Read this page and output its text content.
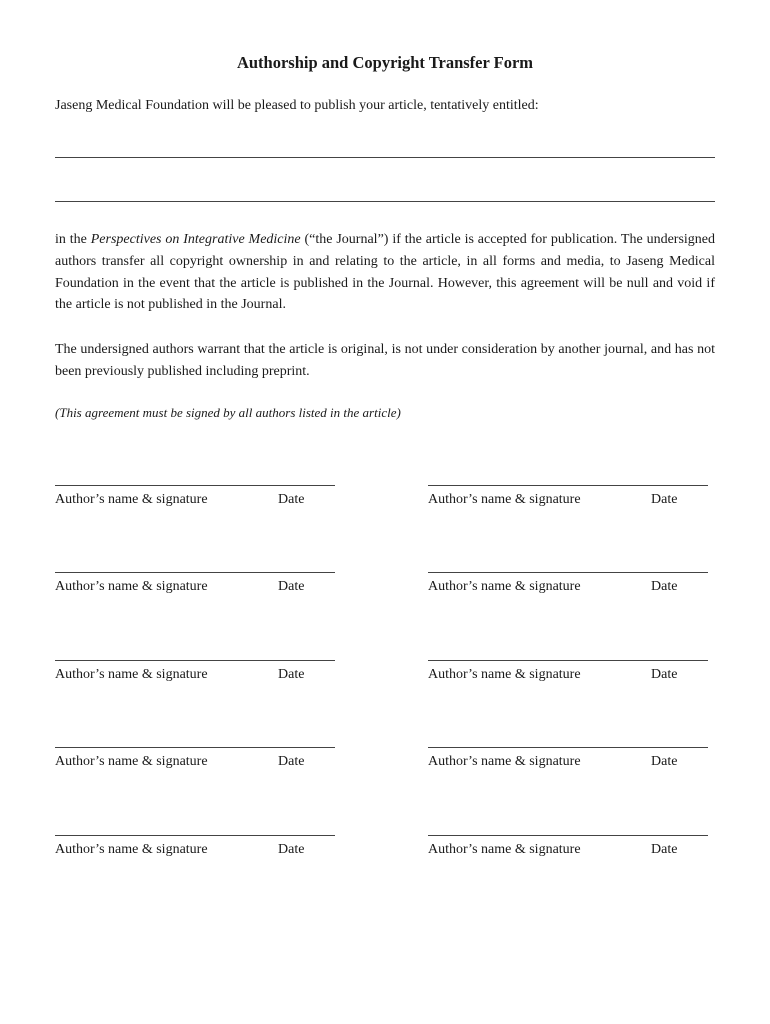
Authorship and Copyright Transfer Form

Jaseng Medical Foundation will be pleased to publish your article, tentatively entitled:

in the Perspectives on Integrative Medicine (“the Journal”) if the article is accepted for publication. The undersigned authors transfer all copyright ownership in and relating to the article, in all forms and media, to Jaseng Medical Foundation in the event that the article is published in the Journal. However, this agreement will be null and void if the article is not published in the Journal.

The undersigned authors warrant that the article is original, is not under consideration by another journal, and has not been previously published including preprint.

(This agreement must be signed by all authors listed in the article)

Author’s name & signature	Date	Author’s name & signature	Date
Author’s name & signature	Date	Author’s name & signature	Date
Author’s name & signature	Date	Author’s name & signature	Date
Author’s name & signature	Date	Author’s name & signature	Date
Author’s name & signature	Date	Author’s name & signature	Date
